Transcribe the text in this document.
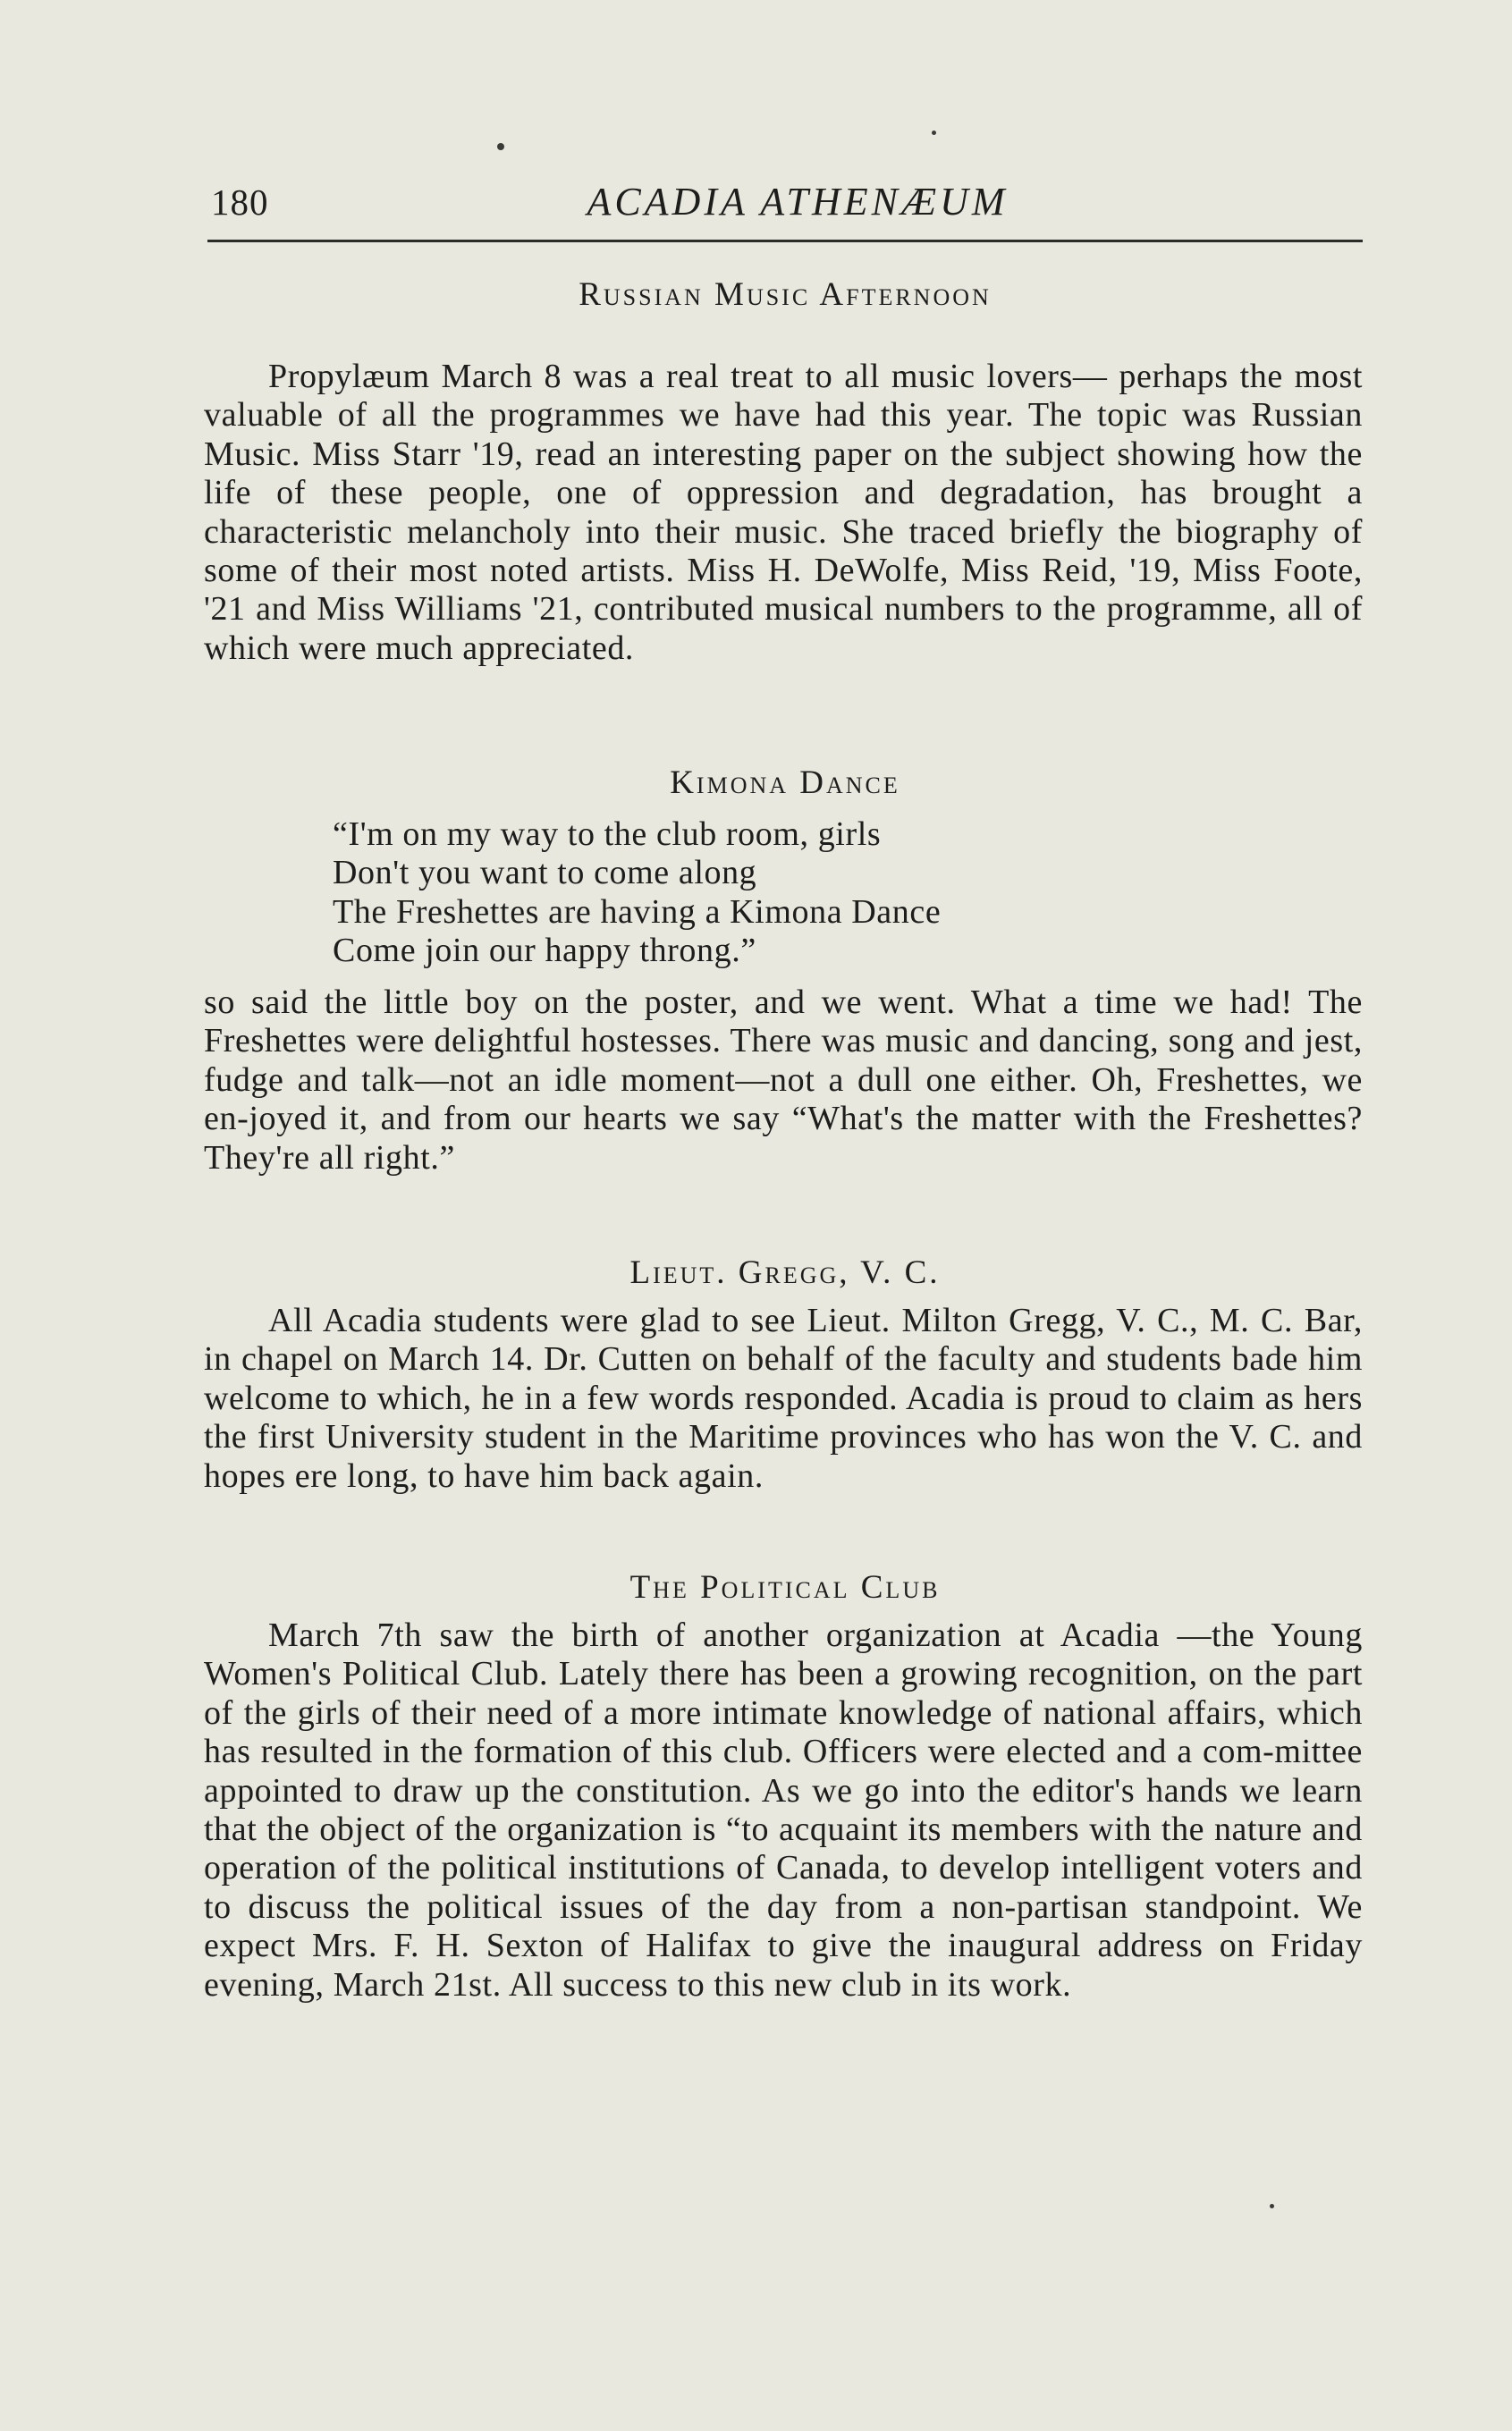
180	ACADIA ATHENÆUM
Russian Music Afternoon

Propylæum March 8 was a real treat to all music lovers— perhaps the most valuable of all the programmes we have had this year. The topic was Russian Music. Miss Starr '19, read an interesting paper on the subject showing how the life of these people, one of oppression and degradation, has brought a characteristic melancholy into their music. She traced briefly the biography of some of their most noted artists. Miss H. DeWolfe, Miss Reid, '19, Miss Foote, '21 and Miss Williams '21, contributed musical numbers to the programme, all of which were much appreciated.

Kimona Dance
“I'm on my way to the club room, girls
Don't you want to come along
The Freshettes are having a Kimona Dance
Come join our happy throng.”

so said the little boy on the poster, and we went. What a time we had! The Freshettes were delightful hostesses. There was music and dancing, song and jest, fudge and talk—not an idle moment—not a dull one either. Oh, Freshettes, we en-joyed it, and from our hearts we say “What's the matter with the Freshettes? They're all right.”

Lieut. Gregg, V. C.

All Acadia students were glad to see Lieut. Milton Gregg, V. C., M. C. Bar, in chapel on March 14. Dr. Cutten on behalf of the faculty and students bade him welcome to which, he in a few words responded. Acadia is proud to claim as hers the first University student in the Maritime provinces who has won the V. C. and hopes ere long, to have him back again.

The Political Club

March 7th saw the birth of another organization at Acadia —the Young Women's Political Club. Lately there has been a growing recognition, on the part of the girls of their need of a more intimate knowledge of national affairs, which has resulted in the formation of this club. Officers were elected and a com-mittee appointed to draw up the constitution. As we go into the editor's hands we learn that the object of the organization is “to acquaint its members with the nature and operation of the political institutions of Canada, to develop intelligent voters and to discuss the political issues of the day from a non-partisan standpoint. We expect Mrs. F. H. Sexton of Halifax to give the inaugural address on Friday evening, March 21st. All success to this new club in its work.
